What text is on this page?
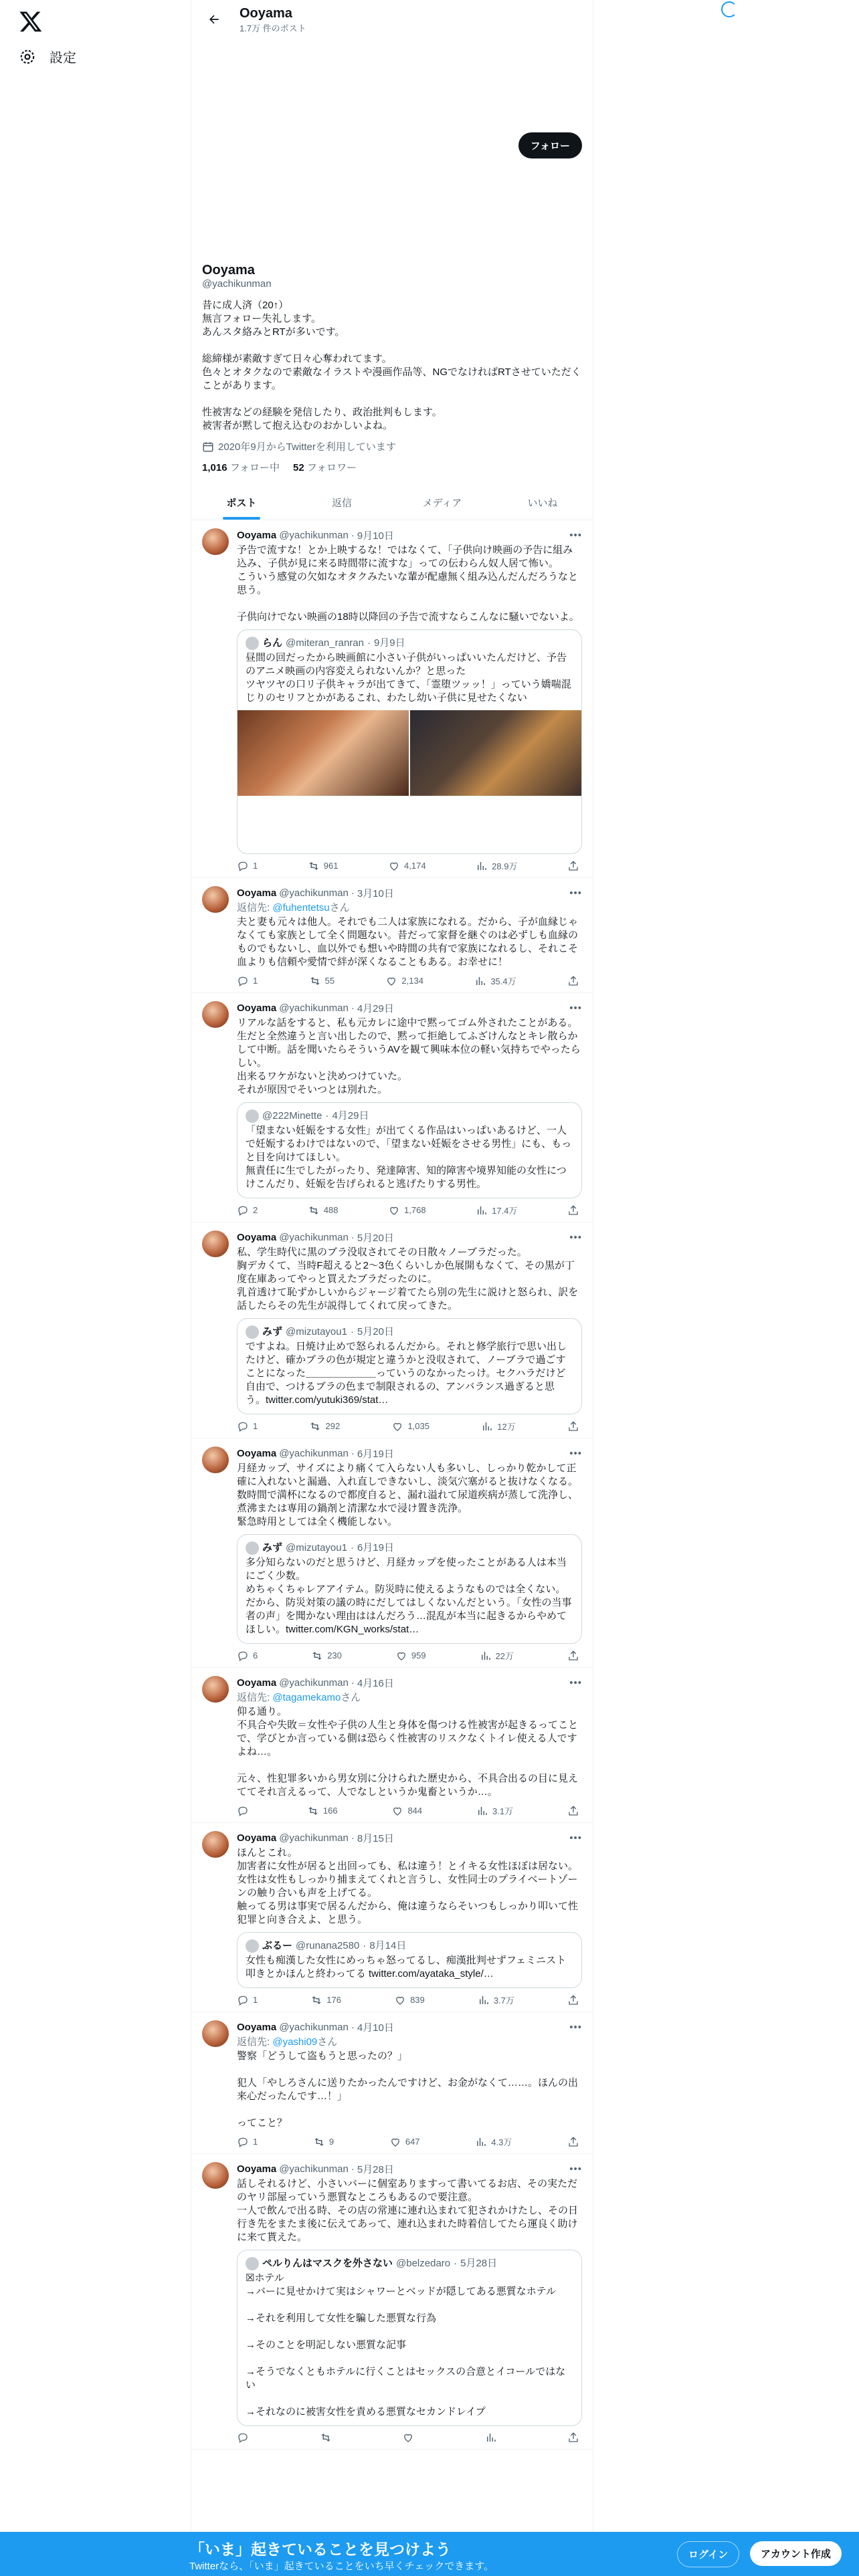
設定
Ooyama
1.7万 件のポスト
フォロー
Ooyama
@yachikunman
昔に成人済（20↑）
無言フォロー失礼します。
あんスタ絡みとRTが多いです。

総締様が素敵すぎて日々心奪われてます。
色々とオタクなので素敵なイラストや漫画作品等、NGでなければRTさせていただくことがあります。

性被害などの経験を発信したり、政治批判もします。
被害者が黙して抱え込むのおかしいよね。
2020年9月からTwitterを利用しています
1,016 フォロー中 52 フォロワー
ポスト	返信	メディア	いいね
Ooyama @yachikunman · 9月10日	•••
予告で流すな！とか上映するな！ではなくて、「子供向け映画の予告に組み込み、子供が見に来る時間帯に流すな」っての伝わらん奴人居て怖い。
こういう感覚の欠如なオタクみたいな輩が配慮無く組み込んだんだろうなと思う。

子供向けでない映画の18時以降回の予告で流すならこんなに騒いでないよ。
らん @miteran_ranran · 9月9日
昼間の回だったから映画館に小さい子供がいっぱいいたんだけど、予告のアニメ映画の内容変えられないんか？と思った
ツヤツヤの口リ子供キャラが出てきて、「霊堕ツッッ！」っていう嬌喘混じりのセリフとかがあるこれ、わたし幼い子供に見せたくない
1	961	4,174	28.9万
Ooyama @yachikunman · 3月10日	•••
返信先: @fuhentetsuさん
夫と妻も元々は他人。それでも二人は家族になれる。だから、子が血縁じゃなくても家族として全く問題ない。昔だって家督を継ぐのは必ずしも血縁のものでもないし、血以外でも想いや時間の共有で家族になれるし、それこそ血よりも信頼や愛情で絆が深くなることもある。お幸せに！
1	55	2,134	35.4万
Ooyama @yachikunman · 4月29日	•••
リアルな話をすると、私も元カレに途中で黙ってゴム外されたことがある。
生だと全然違うと言い出したので、黙って拒絶してふざけんなとキレ散らかして中断。話を聞いたらそういうAVを観て興味本位の軽い気持ちでやったらしい。
出来るワケがないと決めつけていた。
それが原因でそいつとは別れた。
@222Minette · 4月29日
「望まない妊娠をする女性」が出てくる作品はいっぱいあるけど、一人で妊娠するわけではないので、「望まない妊娠をさせる男性」にも、もっと目を向けてほしい。
無責任に生でしたがったり、発達障害、知的障害や境界知能の女性につけこんだり、妊娠を告げられると逃げたりする男性。
2	488	1,768	17.4万
Ooyama @yachikunman · 5月20日	•••
私、学生時代に黒のブラ没収されてその日散々ノーブラだった。
胸デカくて、当時F超えると2〜3色くらいしか色展開もなくて、その黒が丁度在庫あってやっと買えたブラだったのに。
乳首透けて恥ずかしいからジャージ着てたら別の先生に説けと怒られ、訳を話したらその先生が説得してくれて戻ってきた。
みず @mizutayou1 · 5月20日
ですよね。日焼け止めで怒られるんだから。それと修学旅行で思い出したけど、確かブラの色が規定と違うかと没収されて、ノーブラで過ごすことになった＿＿＿＿＿＿＿っていうのなかったっけ。セクハラだけど自由で、つけるブラの色まで制限されるの、アンバランス過ぎると思う。twitter.com/yutuki369/stat…
1	292	1,035	12万
Ooyama @yachikunman · 6月19日	•••
月経カップ、サイズにより痛くて入らない人も多いし、しっかり乾かして正確に入れないと漏過、入れ直しできないし、淡気穴塞がると抜けなくなる。
数時間で満杯になるので都度自ると、漏れ溢れて尿道疾病が蒸して洗浄し、煮沸または専用の鍋剤と清潔な水で浸け置き洗浄。
緊急時用としては全く機能しない。
みず @mizutayou1 · 6月19日
多分知らないのだと思うけど、月経カップを使ったことがある人は本当にごく少数。
めちゃくちゃレアアイテム。防災時に使えるようなものでは全くない。
だから、防災対策の議の時にだしてはしくないんだという。「女性の当事者の声」を聞かない理由ははんだろう…混乱が本当に起きるからやめてほしい。twitter.com/KGN_works/stat…
6	230	959	22万
Ooyama @yachikunman · 4月16日	•••
返信先: @tagamekamoさん
仰る通り。
不具合や失敗＝女性や子供の人生と身体を傷つける性被害が起きるってことで、学びとか言っている側は恐らく性被害のリスクなくトイレ使える人ですよね…。

元々、性犯罪多いから男女別に分けられた歴史から、不具合出るの目に見えててそれ言えるって、人でなしというか鬼畜というか…。
166	844	3.1万
Ooyama @yachikunman · 8月15日	•••
ほんとこれ。
加害者に女性が居ると出回っても、私は違う！とイキる女性ほぼは居ない。女性は女性もしっかり捕まえてくれと言うし、女性同士のプライベートゾーンの触り合いも声を上げてる。
触ってる男は事実で居るんだから、俺は違うならそいつもしっかり叩いて性犯罪と向き合えよ、と思う。
ぶるー @runana2580 · 8月14日
女性も痴漢した女性にめっちゃ怒ってるし、痴漢批判せずフェミニスト叩きとかほんと終わってる twitter.com/ayataka_style/…
1	176	839	3.7万
Ooyama @yachikunman · 4月10日	•••
返信先: @yashi09さん
警察「どうして盗もうと思ったの？」

犯人「やしろさんに送りたかったんですけど、お金がなくて……。ほんの出来心だったんです…！」

ってこと？
1	9	647	4.3万
Ooyama @yachikunman · 5月28日	•••
話しそれるけど、小さいバーに個室ありますって書いてるお店、その実ただのヤリ部屋っていう悪質なところもあるので要注意。
一人で飲んで出る時、その店の常連に連れ込まれて犯されかけたし、その日行き先をまたま後に伝えてあって、連れ込まれた時着信してたら運良く助けに来て貰えた。
ペルりんはマスクを外さない @belzedaro · 5月28日
☒ホテル
→バーに見せかけて実はシャワーとベッドが隠してある悪質なホテル

→それを利用して女性を騙した悪質な行為

→そのことを明記しない悪質な記事

→そうでなくともホテルに行くことはセックスの合意とイコールではない

→それなのに被害女性を責める悪質なセカンドレイプ
「いま」起きていることを見つけよう
Twitterなら、「いま」起きていることをいち早くチェックできます。
ログイン	アカウント作成
